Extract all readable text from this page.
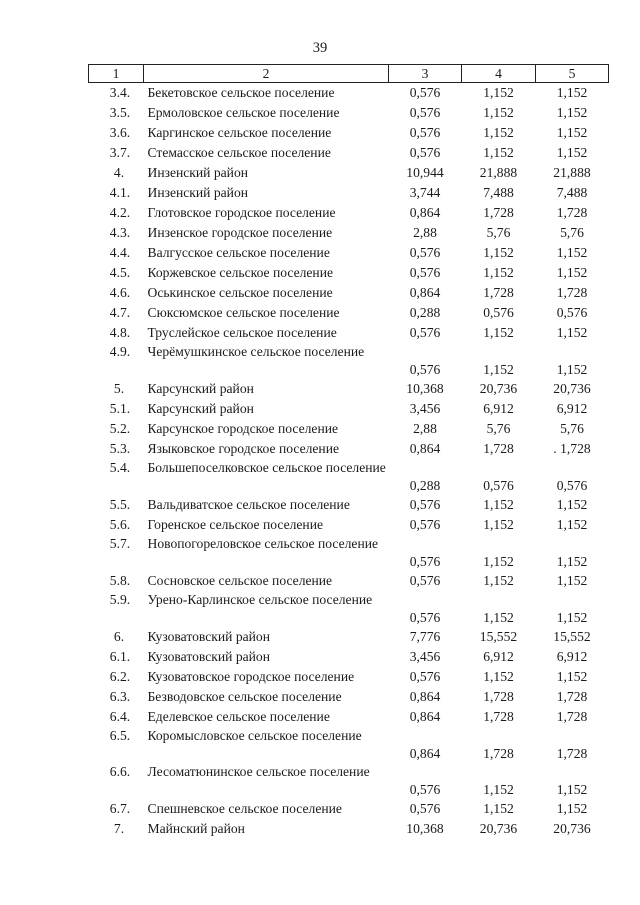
39
1	2	3	4	5
3.4.	Бекетовское сельское поселение	0,576	1,152	1,152
3.5.	Ермоловское сельское поселение	0,576	1,152	1,152
3.6.	Каргинское сельское поселение	0,576	1,152	1,152
3.7.	Стемасское сельское поселение	0,576	1,152	1,152
4.	Инзенский район	10,944	21,888	21,888
4.1.	Инзенский район	3,744	7,488	7,488
4.2.	Глотовское городское поселение	0,864	1,728	1,728
4.3.	Инзенское городское поселение	2,88	5,76	5,76
4.4.	Валгусское сельское поселение	0,576	1,152	1,152
4.5.	Коржевское сельское поселение	0,576	1,152	1,152
4.6.	Оськинское сельское поселение	0,864	1,728	1,728
4.7.	Сюксюмское сельское поселение	0,288	0,576	0,576
4.8.	Труслейское сельское поселение	0,576	1,152	1,152
4.9.	Черёмушкинское сельское поселение	0,576	1,152	1,152
5.	Карсунский район	10,368	20,736	20,736
5.1.	Карсунский район	3,456	6,912	6,912
5.2.	Карсунское городское поселение	2,88	5,76	5,76
5.3.	Языковское городское поселение	0,864	1,728	. 1,728
5.4.	Большепоселковское сельское поселение	0,288	0,576	0,576
5.5.	Вальдиватское сельское поселение	0,576	1,152	1,152
5.6.	Горенское сельское поселение	0,576	1,152	1,152
5.7.	Новопогореловское сельское поселение	0,576	1,152	1,152
5.8.	Сосновское сельское поселение	0,576	1,152	1,152
5.9.	Урено-Карлинское сельское поселение	0,576	1,152	1,152
6.	Кузоватовский район	7,776	15,552	15,552
6.1.	Кузоватовский район	3,456	6,912	6,912
6.2.	Кузоватовское городское поселение	0,576	1,152	1,152
6.3.	Безводовское сельское поселение	0,864	1,728	1,728
6.4.	Еделевское сельское поселение	0,864	1,728	1,728
6.5.	Коромысловское сельское поселение	0,864	1,728	1,728
6.6.	Лесоматюнинское сельское поселение	0,576	1,152	1,152
6.7.	Спешневское сельское поселение	0,576	1,152	1,152
7.	Майнский район	10,368	20,736	20,736
